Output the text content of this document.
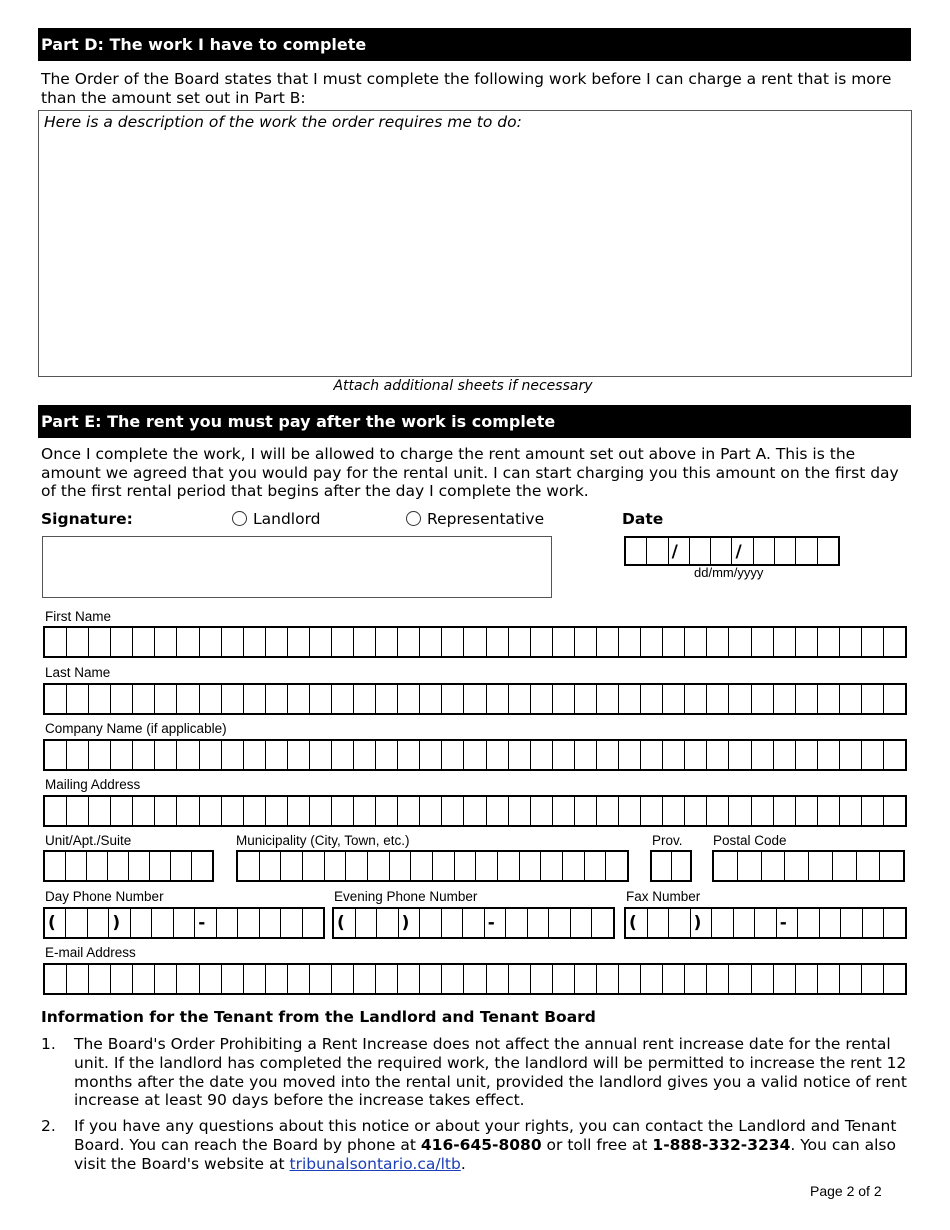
Part D: The work I have to complete
The Order of the Board states that I must complete the following work before I can charge a rent that is more than the amount set out in Part B:
Here is a description of the work the order requires me to do:
Attach additional sheets if necessary
Part E: The rent you must pay after the work is complete
Once I complete the work, I will be allowed to charge the rent amount set out above in Part A. This is the amount we agreed that you would pay for the rental unit. I can start charging you this amount on the first day of the first rental period that begins after the day I complete the work.
Signature:	Landlord	Representative	Date
/	/
dd/mm/yyyy
First Name
Last Name
Company Name (if applicable)
Mailing Address
Unit/Apt./Suite	Municipality (City, Town, etc.)	Prov. Postal Code
Day Phone Number
(	)	-
Evening Phone Number
(	)	-
Fax Number
(	)	-
E-mail Address
Information for the Tenant from the Landlord and Tenant Board
1. The Board's Order Prohibiting a Rent Increase does not affect the annual rent increase date for the rental unit. If the landlord has completed the required work, the landlord will be permitted to increase the rent 12 months after the date you moved into the rental unit, provided the landlord gives you a valid notice of rent increase at least 90 days before the increase takes effect.
2. If you have any questions about this notice or about your rights, you can contact the Landlord and Tenant Board. You can reach the Board by phone at 416-645-8080 or toll free at 1-888-332-3234. You can also visit the Board's website at tribunalsontario.ca/ltb.
Page 2 of 2
